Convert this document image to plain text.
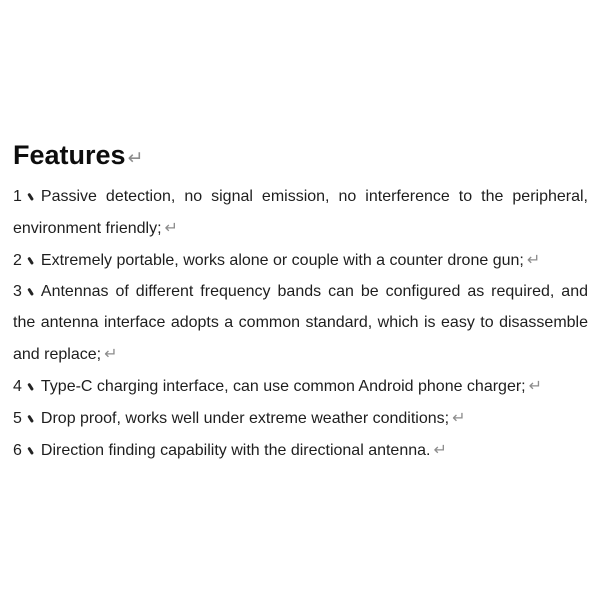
Features ↵

1 Passive detection, no signal emission, no interference to the peripheral,
environment friendly; ↵

2 Extremely portable, works alone or couple with a counter drone gun; ↵

3 Antennas of different frequency bands can be configured as required, and
the antenna interface adopts a common standard, which is easy to disassemble
and replace; ↵

4 Type-C charging interface, can use common Android phone charger; ↵

5 Drop proof, works well under extreme weather conditions; ↵

6 Direction finding capability with the directional antenna. ↵
